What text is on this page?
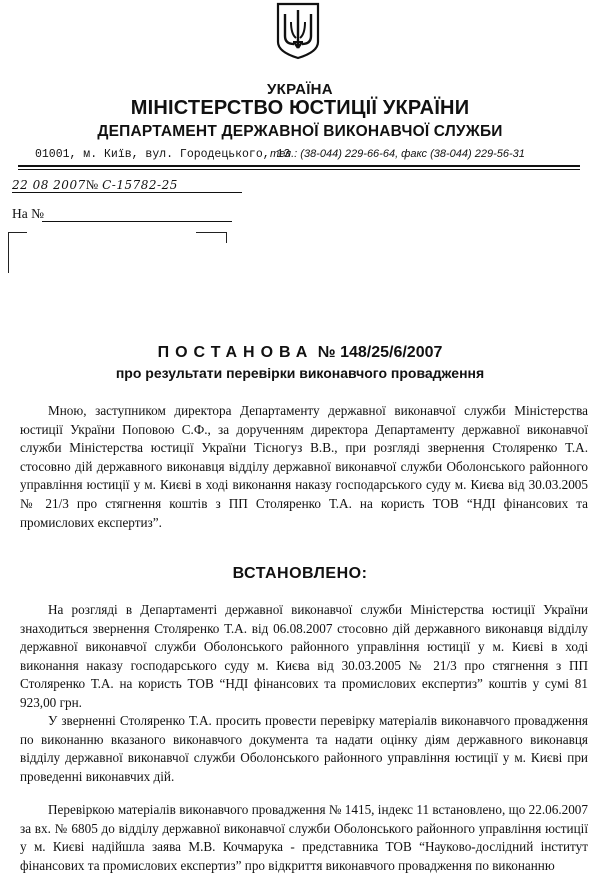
УКРАЇНА
МІНІСТЕРСТВО ЮСТИЦІЇ УКРАЇНИ
ДЕПАРТАМЕНТ ДЕРЖАВНОЇ ВИКОНАВЧОЇ СЛУЖБИ
01001, м. Київ, вул. Городецького, 13
тел.: (38-044) 229-66-64, факс (38-044) 229-56-31
22 08 2007№ С-15782-25
На №
ПОСТАНОВА № 148/25/6/2007
про результати перевірки виконавчого провадження

Мною, заступником директора Департаменту державної виконавчої служби Міністерства юстиції України Поповою С.Ф., за дорученням директора Департаменту державної виконавчої служби Міністерства юстиції України Тісногуз В.В., при розгляді звернення Столяренко Т.А. стосовно дій державного виконавця відділу державної виконавчої служби Оболонського районного управління юстиції у м. Києві в ході виконання наказу господарського суду м. Києва від 30.03.2005 № 21/3 про стягнення коштів з ПП Столяренко Т.А. на користь ТОВ “НДІ фінансових та промислових експертиз”.

ВСТАНОВЛЕНО:

На розгляді в Департаменті державної виконавчої служби Міністерства юстиції України знаходиться звернення Столяренко Т.А. від 06.08.2007 стосовно дій державного виконавця відділу державної виконавчої служби Оболонського районного управління юстиції у м. Києві в ході виконання наказу господарського суду м. Києва від 30.03.2005 № 21/3 про стягнення з ПП Столяренко Т.А. на користь ТОВ “НДІ фінансових та промислових експертиз” коштів у сумі 81 923,00 грн.

У зверненні Столяренко Т.А. просить провести перевірку матеріалів виконавчого провадження по виконанню вказаного виконавчого документа та надати оцінку діям державного виконавця відділу державної виконавчої служби Оболонського районного управління юстиції у м. Києві при проведенні виконавчих дій.

Перевіркою матеріалів виконавчого провадження № 1415, індекс 11 встановлено, що 22.06.2007 за вх. № 6805 до відділу державної виконавчої служби Оболонського районного управління юстиції у м. Києві надійшла заява М.В. Кочмарука - представника ТОВ “Науково-дослідний інститут фінансових та промислових експертиз” про відкриття виконавчого провадження по виконанню
